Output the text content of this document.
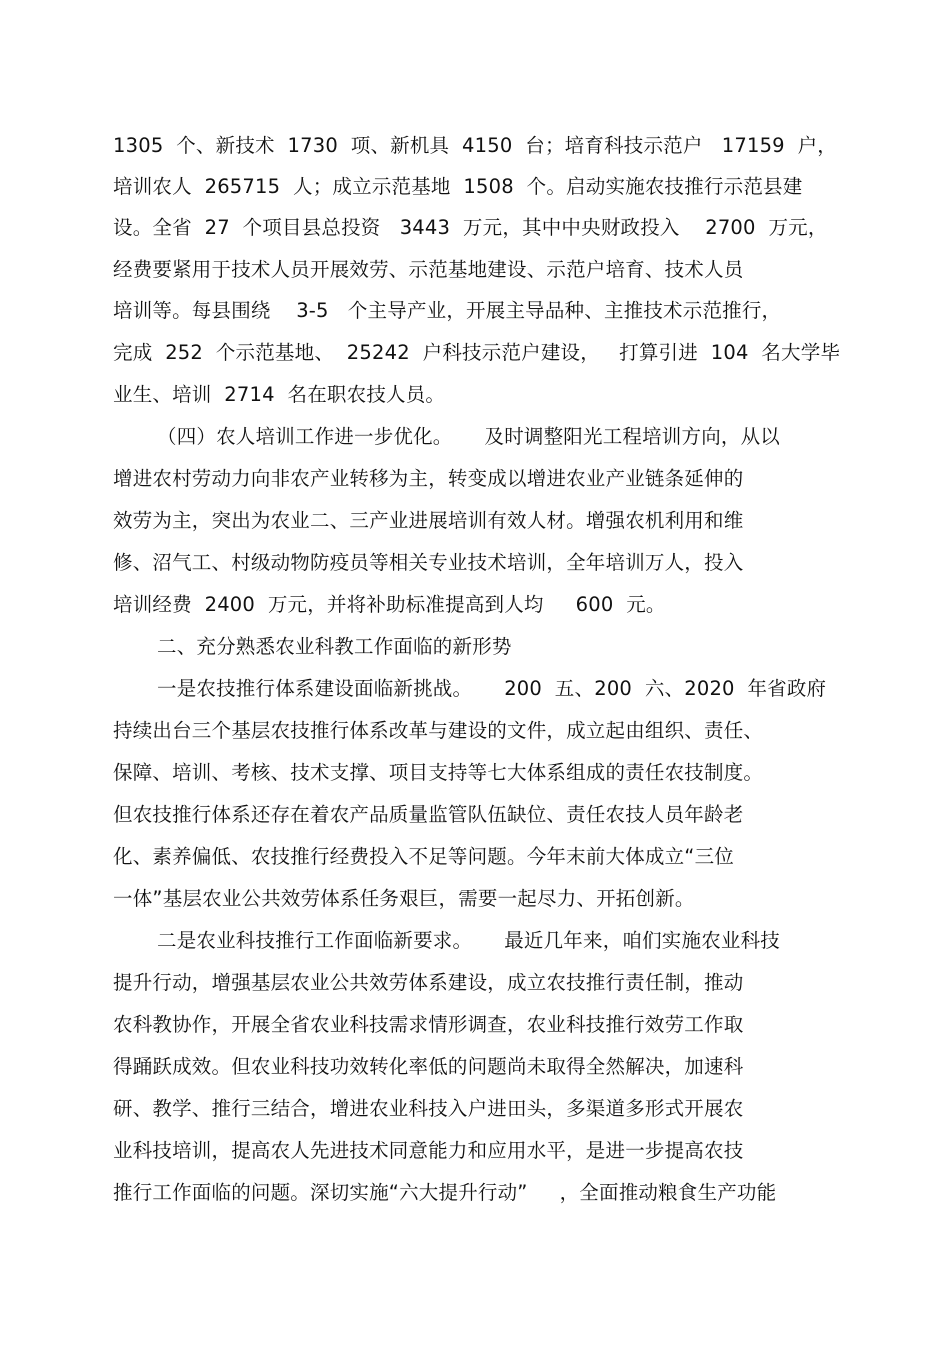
1305  个、新技术  1730  项、新机具  4150  台；培育科技示范户   17159  户，
培训农人  265715  人；成立示范基地  1508  个。启动实施农技推行示范县建
设。全省  27  个项目县总投资   3443  万元，其中中央财政投入    2700  万元，
经费要紧用于技术人员开展效劳、示范基地建设、示范户培育、技术人员
培训等。每县围绕    3-5   个主导产业，开展主导品种、主推技术示范推行，
完成  252  个示范基地、  25242  户科技示范户建设，   打算引进  104  名大学毕
业生、培训  2714  名在职农技人员。
（四）农人培训工作进一步优化。     及时调整阳光工程培训方向，从以
增进农村劳动力向非农产业转移为主，转变成以增进农业产业链条延伸的
效劳为主，突出为农业二、三产业进展培训有效人材。增强农机利用和维
修、沼气工、村级动物防疫员等相关专业技术培训，全年培训万人，投入
培训经费  2400  万元，并将补助标准提高到人均     600  元。
二、充分熟悉农业科教工作面临的新形势
一是农技推行体系建设面临新挑战。     200  五、200  六、2020  年省政府
持续出台三个基层农技推行体系改革与建设的文件，成立起由组织、责任、
保障、培训、考核、技术支撑、项目支持等七大体系组成的责任农技制度。
但农技推行体系还存在着农产品质量监管队伍缺位、责任农技人员年龄老
化、素养偏低、农技推行经费投入不足等问题。今年末前大体成立“三位
一体”基层农业公共效劳体系任务艰巨，需要一起尽力、开拓创新。
二是农业科技推行工作面临新要求。     最近几年来，咱们实施农业科技
提升行动，增强基层农业公共效劳体系建设，成立农技推行责任制，推动
农科教协作，开展全省农业科技需求情形调查，农业科技推行效劳工作取
得踊跃成效。但农业科技功效转化率低的问题尚未取得全然解决，加速科
研、教学、推行三结合，增进农业科技入户进田头，多渠道多形式开展农
业科技培训，提高农人先进技术同意能力和应用水平，是进一步提高农技
推行工作面临的问题。深切实施“六大提升行动”     ，全面推动粮食生产功能
